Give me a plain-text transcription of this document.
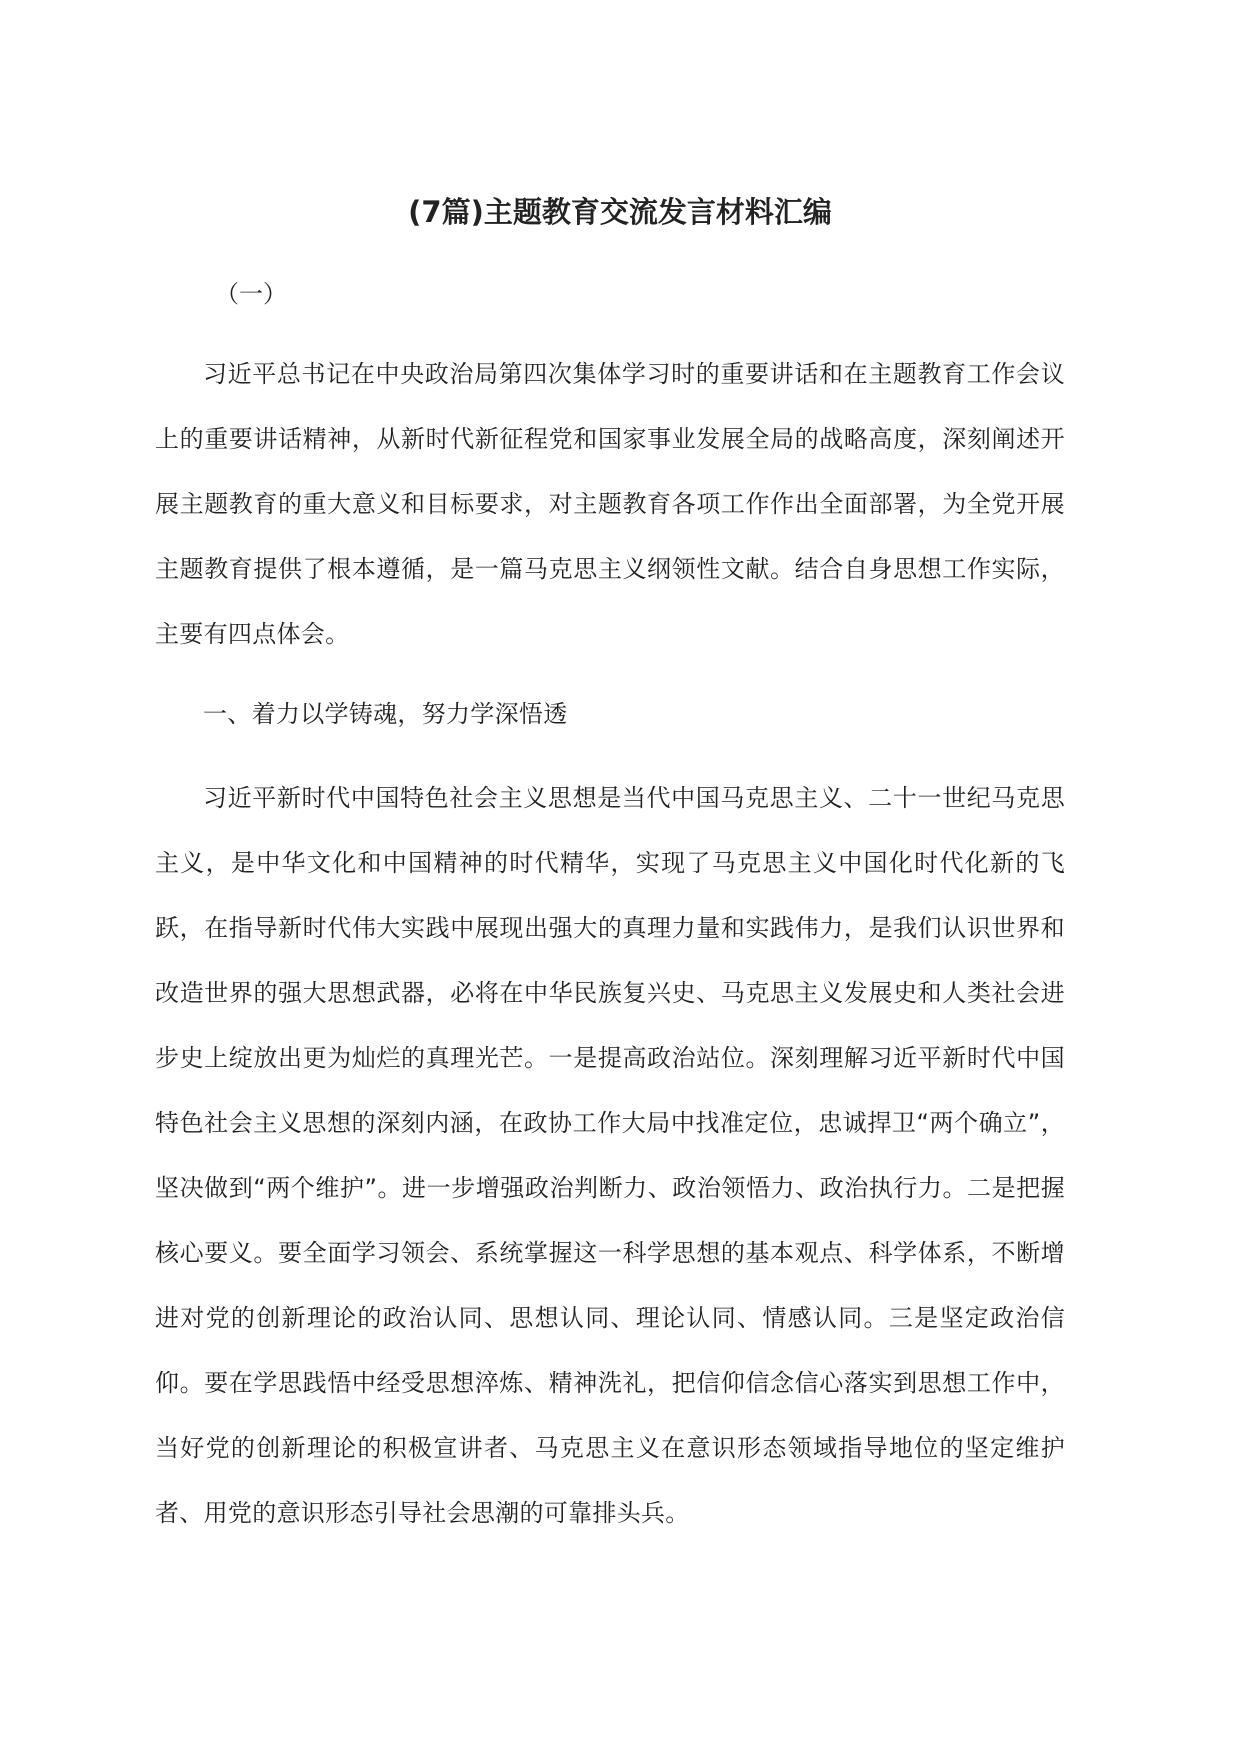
(7篇)主题教育交流发言材料汇编

（一）

习近平总书记在中央政治局第四次集体学习时的重要讲话和在主题教育工作会议上的重要讲话精神，从新时代新征程党和国家事业发展全局的战略高度，深刻阐述开展主题教育的重大意义和目标要求，对主题教育各项工作作出全面部署，为全党开展主题教育提供了根本遵循，是一篇马克思主义纲领性文献。结合自身思想工作实际，主要有四点体会。

一、着力以学铸魂，努力学深悟透

习近平新时代中国特色社会主义思想是当代中国马克思主义、二十一世纪马克思主义，是中华文化和中国精神的时代精华，实现了马克思主义中国化时代化新的飞跃，在指导新时代伟大实践中展现出强大的真理力量和实践伟力，是我们认识世界和改造世界的强大思想武器，必将在中华民族复兴史、马克思主义发展史和人类社会进步史上绽放出更为灿烂的真理光芒。一是提高政治站位。深刻理解习近平新时代中国特色社会主义思想的深刻内涵，在政协工作大局中找准定位，忠诚捍卫“两个确立”，坚决做到“两个维护”。进一步增强政治判断力、政治领悟力、政治执行力。二是把握核心要义。要全面学习领会、系统掌握这一科学思想的基本观点、科学体系，不断增进对党的创新理论的政治认同、思想认同、理论认同、情感认同。三是坚定政治信仰。要在学思践悟中经受思想淬炼、精神洗礼，把信仰信念信心落实到思想工作中，当好党的创新理论的积极宣讲者、马克思主义在意识形态领域指导地位的坚定维护者、用党的意识形态引导社会思潮的可靠排头兵。
